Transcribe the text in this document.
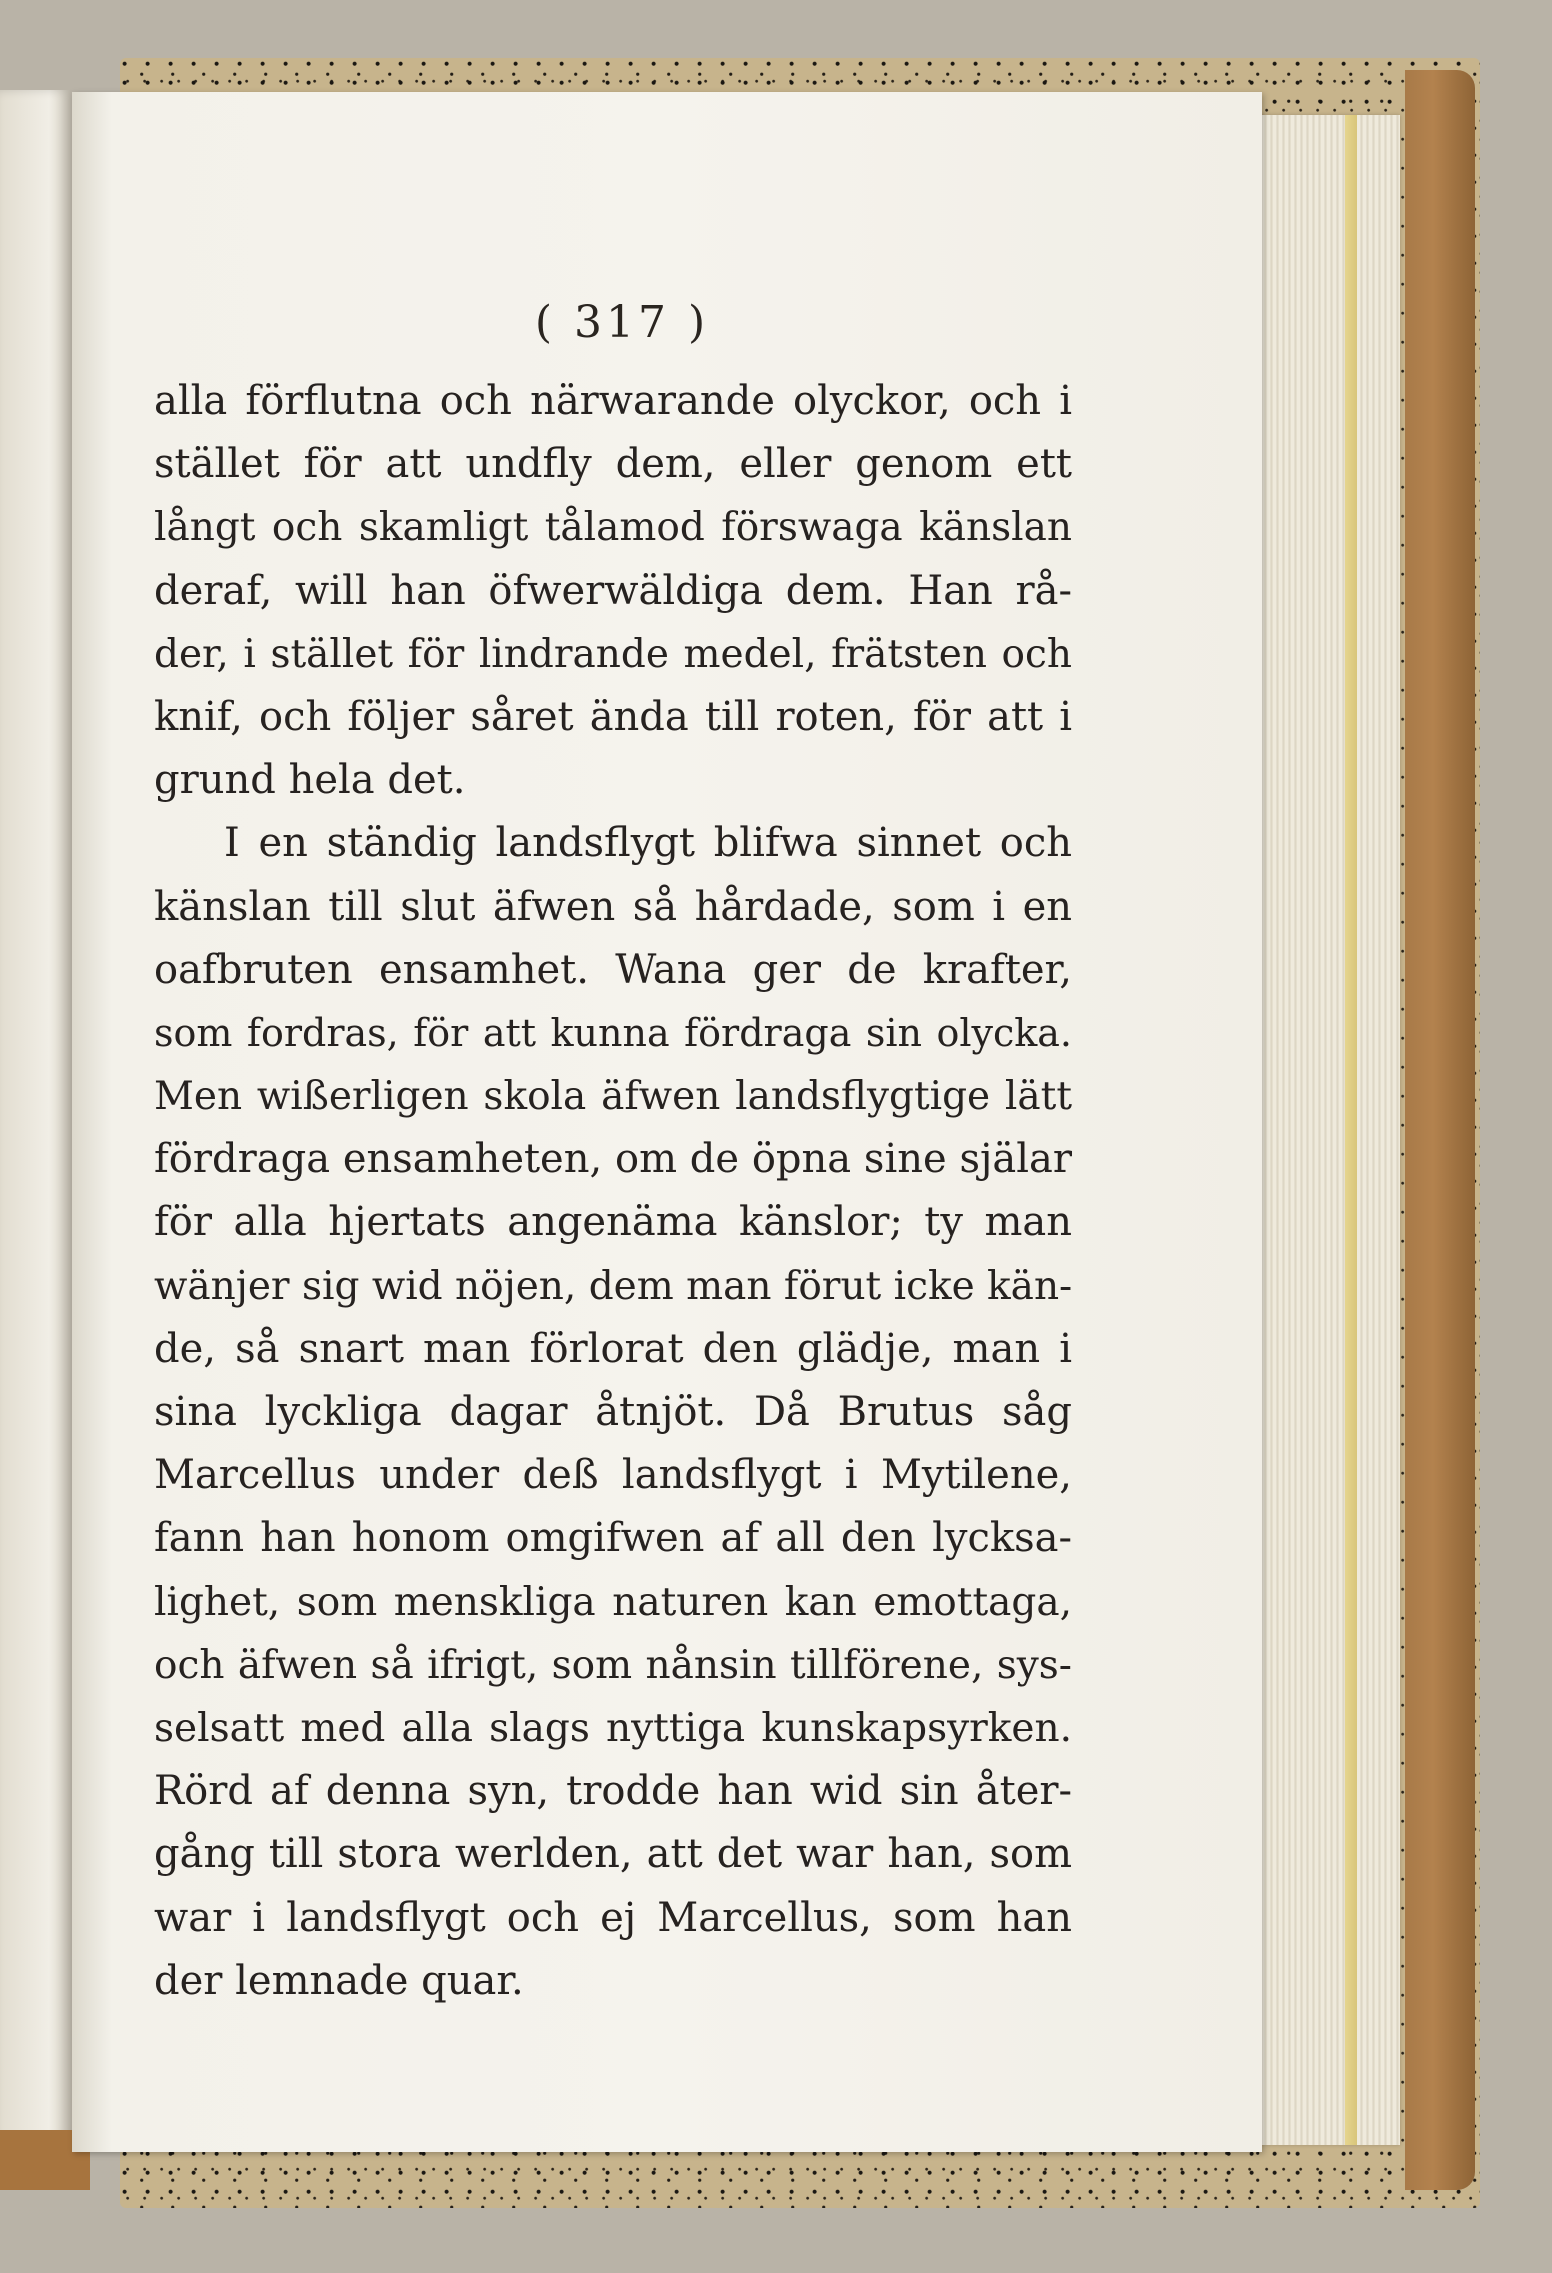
( 317 )
alla förflutna och närwarande olyckor, och i
stället för att undfly dem, eller genom ett
långt och skamligt tålamod förswaga känslan
deraf, will han öfwerwäldiga dem. Han rå-
der, i stället för lindrande medel, frätsten och
knif, och följer såret ända till roten, för att i
grund hela det.
I en ständig landsflygt blifwa sinnet och
känslan till slut äfwen så hårdade, som i en
oafbruten ensamhet. Wana ger de krafter,
som fordras, för att kunna fördraga sin olycka.
Men wißerligen skola äfwen landsflygtige lätt
fördraga ensamheten, om de öpna sine själar
för alla hjertats angenäma känslor; ty man
wänjer sig wid nöjen, dem man förut icke kän-
de, så snart man förlorat den glädje, man i
sina lyckliga dagar åtnjöt. Då Brutus såg
Marcellus under deß landsflygt i Mytilene,
fann han honom omgifwen af all den lycksa-
lighet, som menskliga naturen kan emottaga,
och äfwen så ifrigt, som nånsin tillförene, sys-
selsatt med alla slags nyttiga kunskapsyrken.
Rörd af denna syn, trodde han wid sin åter-
gång till stora werlden, att det war han, som
war i landsflygt och ej Marcellus, som han
der lemnade quar.
